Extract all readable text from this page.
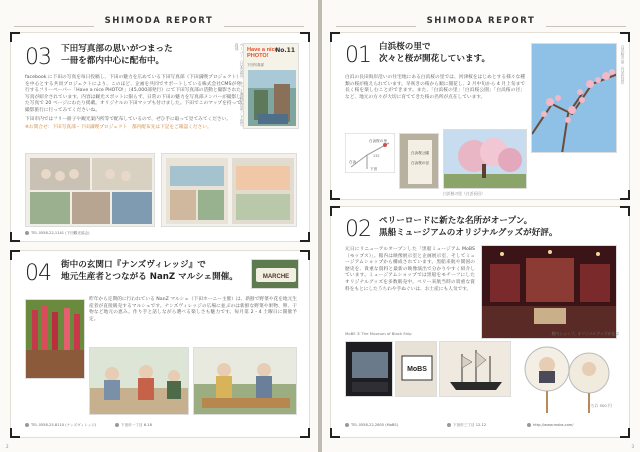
SHIMODA REPORT
03 下田写真部の思いがつまった
一冊を都内中心に配布中。
facebook に下田の写真を毎日投稿し、下田の魅力を広めている下田写真部（下田満喫プロジェクト）を中心とする共同プロジェクトにより、このほど、企画を共同でサポートしている株式会社CMSが発行するフリーペーパー「Have a nice PHOTO!」（45,000部発行）にて下田写真部の活動と撮影された写真が紹介されています。内容は観光スポットに限らず、日常の下田の魅力を写真部メンバーが撮影した写真で 20 ページにわたり掲載。オリジナルの下田マップも付けました。下田でこのマップを持って撮影旅行に行ってみてくださいね。
下田市内ではフリー冊子や観光案内所等で配布しているので、ぜひ手に取って見てみてください。
※お問合せ：下田写真部・下田満喫プロジェクト　都内配布先は下記をご確認ください。
Have a nice PHOTO!
No.11
下田写真部
ペーパー〈日本発見〉ネット連載配信中／下田写真部
TEL 0558-22-1141 (下田観光協会)
04 街中の玄関口『ナンズヴィレッジ』で
地元生産者とつながる NanZ マルシェ開催。	MARCHE
昨年から定期的に行われている NanZ マルシェ（下田ホーニー主催）は、新鮮で野菜や花を地元生産者が直接販売するマルシェです。ナンズヴィレッジの広場に並ぶのは新鮮な野菜や果物、卵、干物など地元の恵み。作り手と話しながら選べる楽しさも魅力です。毎月第 2・4 土曜日に開催予定。
TEL 0558-25-8110 (ナンズヴィレッジ)	下田市一丁目 6-18
2
SHIMODA REPORT
01 白浜桜の里で
次々と桜が開花しています。
白浜の長田海岸沿いの住宅地にある白浜桜の里では、河津桜をはじめとする様々な種類の桜が植えられています。早咲きの桜から順に開花し、2 月中旬から 4 月上旬まで長く桜を楽しむことができます。また、「白浜桜の里」「白浜桜公園」「白浜桜の径」など、地元の方々が大切に育ててきた桜の名所が点在しています。
白浜桜の里（白浜長田）
白浜桜の里
白浜
下田
135
白浜桜公園
白浜桜の径
白浜桜の里（白浜長田）
02 ペリーロードに新たな名所がオープン。
黒船ミュージアムのオリジナルグッズが好評。
元日にリニューアルオープンした「黒船ミュージアム MoBS（モッブス）」。館内は映像展示室と企画展示室、そしてミュージアムショップから構成されています。黒船来航や開国の歴史を、貴重な資料と最新の映像演出で分かりやすく紹介しています。ミュージアムショップでは黒船をモチーフにしたオリジナルグッズを多数販売中。ペリー来航当時の貴重な資料をもとにしたうちわや手ぬぐいは、お土産にも人気です。
MoBS ② The Museum of Black Ship
MoBS
館内ショップ。オリジナルグッズが並ぶ
うちわ 500 円
TEL 0558-22-2805 (MoBS)	下田市三丁目 12-12	http://www.mobs.com/
3
